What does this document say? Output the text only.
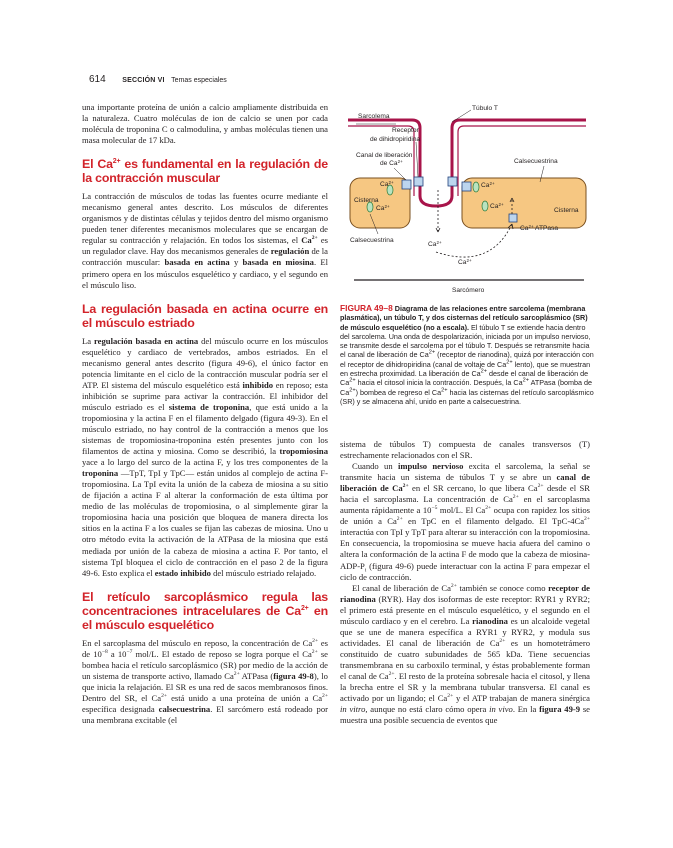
614 SECCIÓN VI Temas especiales

una importante proteína de unión a calcio ampliamente distribuida en la naturaleza. Cuatro moléculas de ion de calcio se unen por cada molécula de troponina C o calmodulina, y ambas moléculas tienen una masa molecular de 17 kDa.

El $Ca^{2+}$ es fundamental en la regulación de la contracción muscular

La contracción de músculos de todas las fuentes ocurre mediante el mecanismo general antes descrito. Los músculos de diferentes organismos y de distintas células y tejidos dentro del mismo organismo pueden tener diferentes mecanismos moleculares que se encargan de regular su contracción y relajación. En todos los sistemas, el $Ca^{2+}$ es un regulador clave. Hay dos mecanismos generales de regulación de la contracción muscular: basada en actina y basada en miosina. El primero opera en los músculos esquelético y cardiaco, y el segundo en el músculo liso.

La regulación basada en actina ocurre en el músculo estriado

La regulación basada en actina del músculo ocurre en los músculos esquelético y cardiaco de vertebrados, ambos estriados. En el mecanismo general antes descrito (figura 49-6), el único factor en potencia limitante en el ciclo de la contracción muscular podría ser el ATP. El sistema del músculo esquelético está inhibido en reposo; esta inhibición se suprime para activar la contracción. El inhibidor del músculo estriado es el sistema de troponina, que está unido a la tropomiosina y la actina F en el filamento delgado (figura 49-3). En el músculo estriado, no hay control de la contracción a menos que los sistemas de tropomiosina-troponina estén presentes junto con los filamentos de actina y miosina. Como se describió, la tropomiosina yace a lo largo del surco de la actina F, y los tres componentes de la troponina —TpT, TpI y TpC— están unidos al complejo de actina F-tropomiosina. La TpI evita la unión de la cabeza de miosina a su sitio de fijación a actina F al alterar la conformación de esta última por medio de las moléculas de tropomiosina, o al simplemente girar la tropomiosina hacia una posición que bloquea de manera directa los sitios en la actina F a los cuales se fijan las cabezas de miosina. Uno u otro método evita la activación de la ATPasa de la miosina que está mediada por unión de la cabeza de miosina a actina F. Por tanto, el sistema TpI bloquea el ciclo de contracción en el paso 2 de la figura 49-6. Esto explica el estado inhibido del músculo estriado relajado.

El retículo sarcoplásmico regula las concentraciones intracelulares de $Ca^{2+}$ en el músculo esquelético

En el sarcoplasma del músculo en reposo, la concentración de $Ca^{2+}$ es de $10^{-8}$ a $10^{-7}$ mol/L. El estado de reposo se logra porque el $Ca^{2+}$ se bombea hacia el retículo sarcoplásmico (SR) por medio de la acción de un sistema de transporte activo, llamado $Ca^{2+}$ ATPasa (figura 49-8), lo que inicia la relajación. El SR es una red de sacos membranosos finos. Dentro del SR, el $Ca^{2+}$ está unido a una proteína de unión a $Ca^{2+}$ específica designada calsecuestrina. El sarcómero está rodeado por una membrana excitable (el

Sarcolema
Túbulo T
Receptor
de dihidropiridina
Canal de liberación
de $Ca^{2+}$
Cisterna
Cisterna
Calsecuestrina
Calsecuestrina
$Ca^{2+}$ ATPasa
$Ca^{2+}$
$Ca^{2+}$
$Ca^{2+}$
$Ca^{2+}$
$Ca^{2+}$
$Ca^{2+}$
Sarcómero
FIGURA 49–8 Diagrama de las relaciones entre sarcolema (membrana plasmática), un túbulo T, y dos cisternas del retículo sarcoplásmico (SR) de músculo esquelético (no a escala). El túbulo T se extiende hacia dentro del sarcolema. Una onda de despolarización, iniciada por un impulso nervioso, se transmite desde el sarcolema por el túbulo T. Después se retransmite hacia el canal de liberación de $Ca^{2+}$ (receptor de rianodina), quizá por interacción con el receptor de dihidropiridina (canal de voltaje de $Ca^{2+}$ lento), que se muestran en estrecha proximidad. La liberación de $Ca^{2+}$ desde el canal de liberación de $Ca^{2+}$ hacia el citosol inicia la contracción. Después, la $Ca^{2+}$ ATPasa (bomba de $Ca^{2+}$) bombea de regreso el $Ca^{2+}$ hacia las cisternas del retículo sarcoplásmico (SR) y se almacena ahí, unido en parte a calsecuestrina.

sistema de túbulos T) compuesta de canales transversos (T) estrechamente relacionados con el SR.

Cuando un impulso nervioso excita el sarcolema, la señal se transmite hacia un sistema de túbulos T y se abre un canal de liberación de $Ca^{2+}$ en el SR cercano, lo que libera $Ca^{2+}$ desde el SR hacia el sarcoplasma. La concentración de $Ca^{2+}$ en el sarcoplasma aumenta rápidamente a $10^{-5}$ mol/L. El $Ca^{2+}$ ocupa con rapidez los sitios de unión a $Ca^{2+}$ en TpC en el filamento delgado. El TpC-$4Ca^{2+}$ interactúa con TpI y TpT para alterar su interacción con la tropomiosina. En consecuencia, la tropomiosina se mueve hacia afuera del camino o altera la conformación de la actina F de modo que la cabeza de miosina-$ADP-P_i$ (figura 49-6) puede interactuar con la actina F para empezar el ciclo de contracción.

El canal de liberación de $Ca^{2+}$ también se conoce como receptor de rianodina (RYR). Hay dos isoformas de este receptor: RYR1 y RYR2; el primero está presente en el músculo esquelético, y el segundo en el músculo cardiaco y en el cerebro. La rianodina es un alcaloide vegetal que se une de manera específica a RYR1 y RYR2, y modula sus actividades. El canal de liberación de $Ca^{2+}$ es un homotetrámero constituido de cuatro subunidades de 565 kDa. Tiene secuencias transmembrana en su carboxilo terminal, y éstas probablemente forman el canal de $Ca^{2+}$. El resto de la proteína sobresale hacia el citosol, y llena la brecha entre el SR y la membrana tubular transversa. El canal es activado por un ligando; el $Ca^{2+}$ y el ATP trabajan de manera sinérgica in vitro, aunque no está claro cómo opera in vivo. En la figura 49-9 se muestra una posible secuencia de eventos que
